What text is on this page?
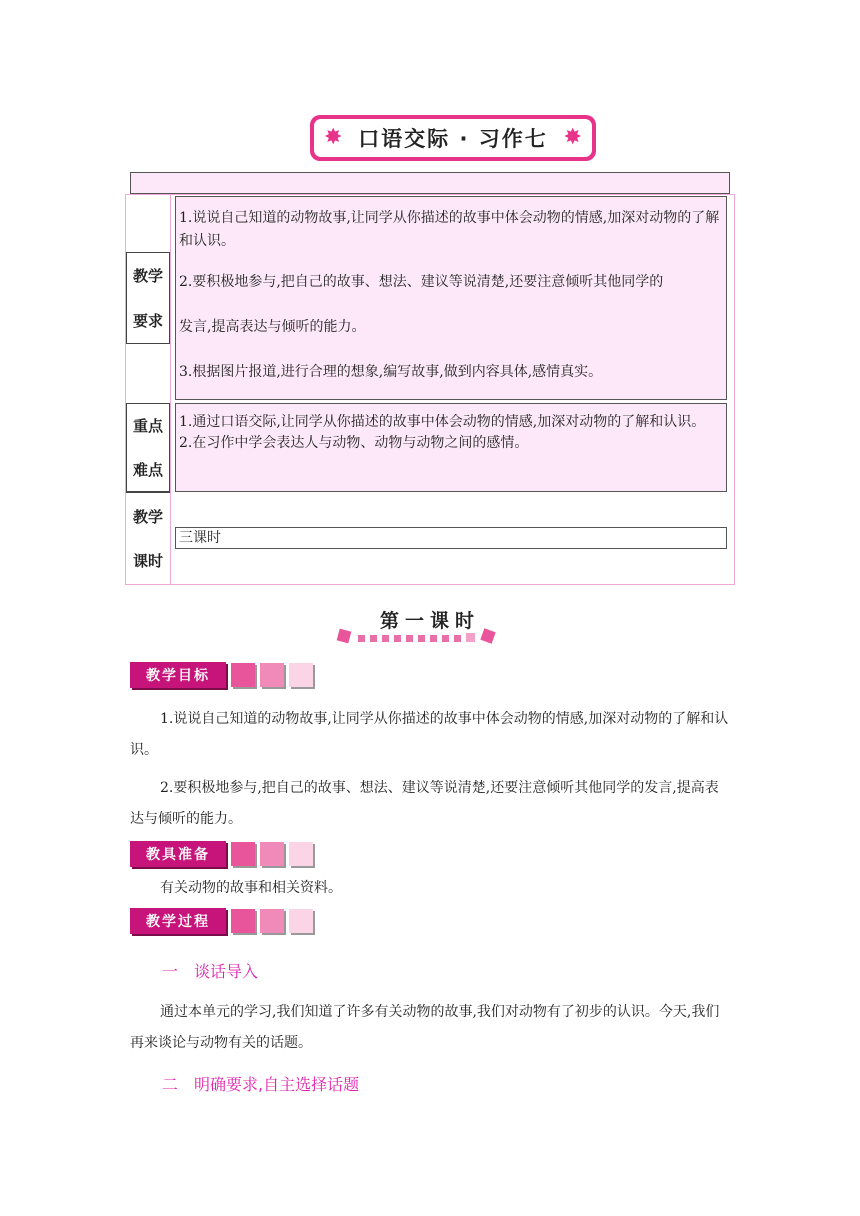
✸ 口语交际 · 习作七 ✸
教学
要求

1.说说自己知道的动物故事,让同学从你描述的故事中体会动物的情感,加深对动物的了解和认识。

2.要积极地参与,把自己的故事、想法、建议等说清楚,还要注意倾听其他同学的

发言,提高表达与倾听的能力。

3.根据图片报道,进行合理的想象,编写故事,做到内容具体,感情真实。

重点
难点

1.通过口语交际,让同学从你描述的故事中体会动物的情感,加深对动物的了解和认识。

2.在习作中学会表达人与动物、动物与动物之间的感情。

教学
课时
三课时
第一课时
教学目标
1.说说自己知道的动物故事,让同学从你描述的故事中体会动物的情感,加深对动物的了解和认识。
2.要积极地参与,把自己的故事、想法、建议等说清楚,还要注意倾听其他同学的发言,提高表达与倾听的能力。
教具准备
有关动物的故事和相关资料。
教学过程
一　谈话导入
通过本单元的学习,我们知道了许多有关动物的故事,我们对动物有了初步的认识。今天,我们再来谈论与动物有关的话题。
二　明确要求,自主选择话题
